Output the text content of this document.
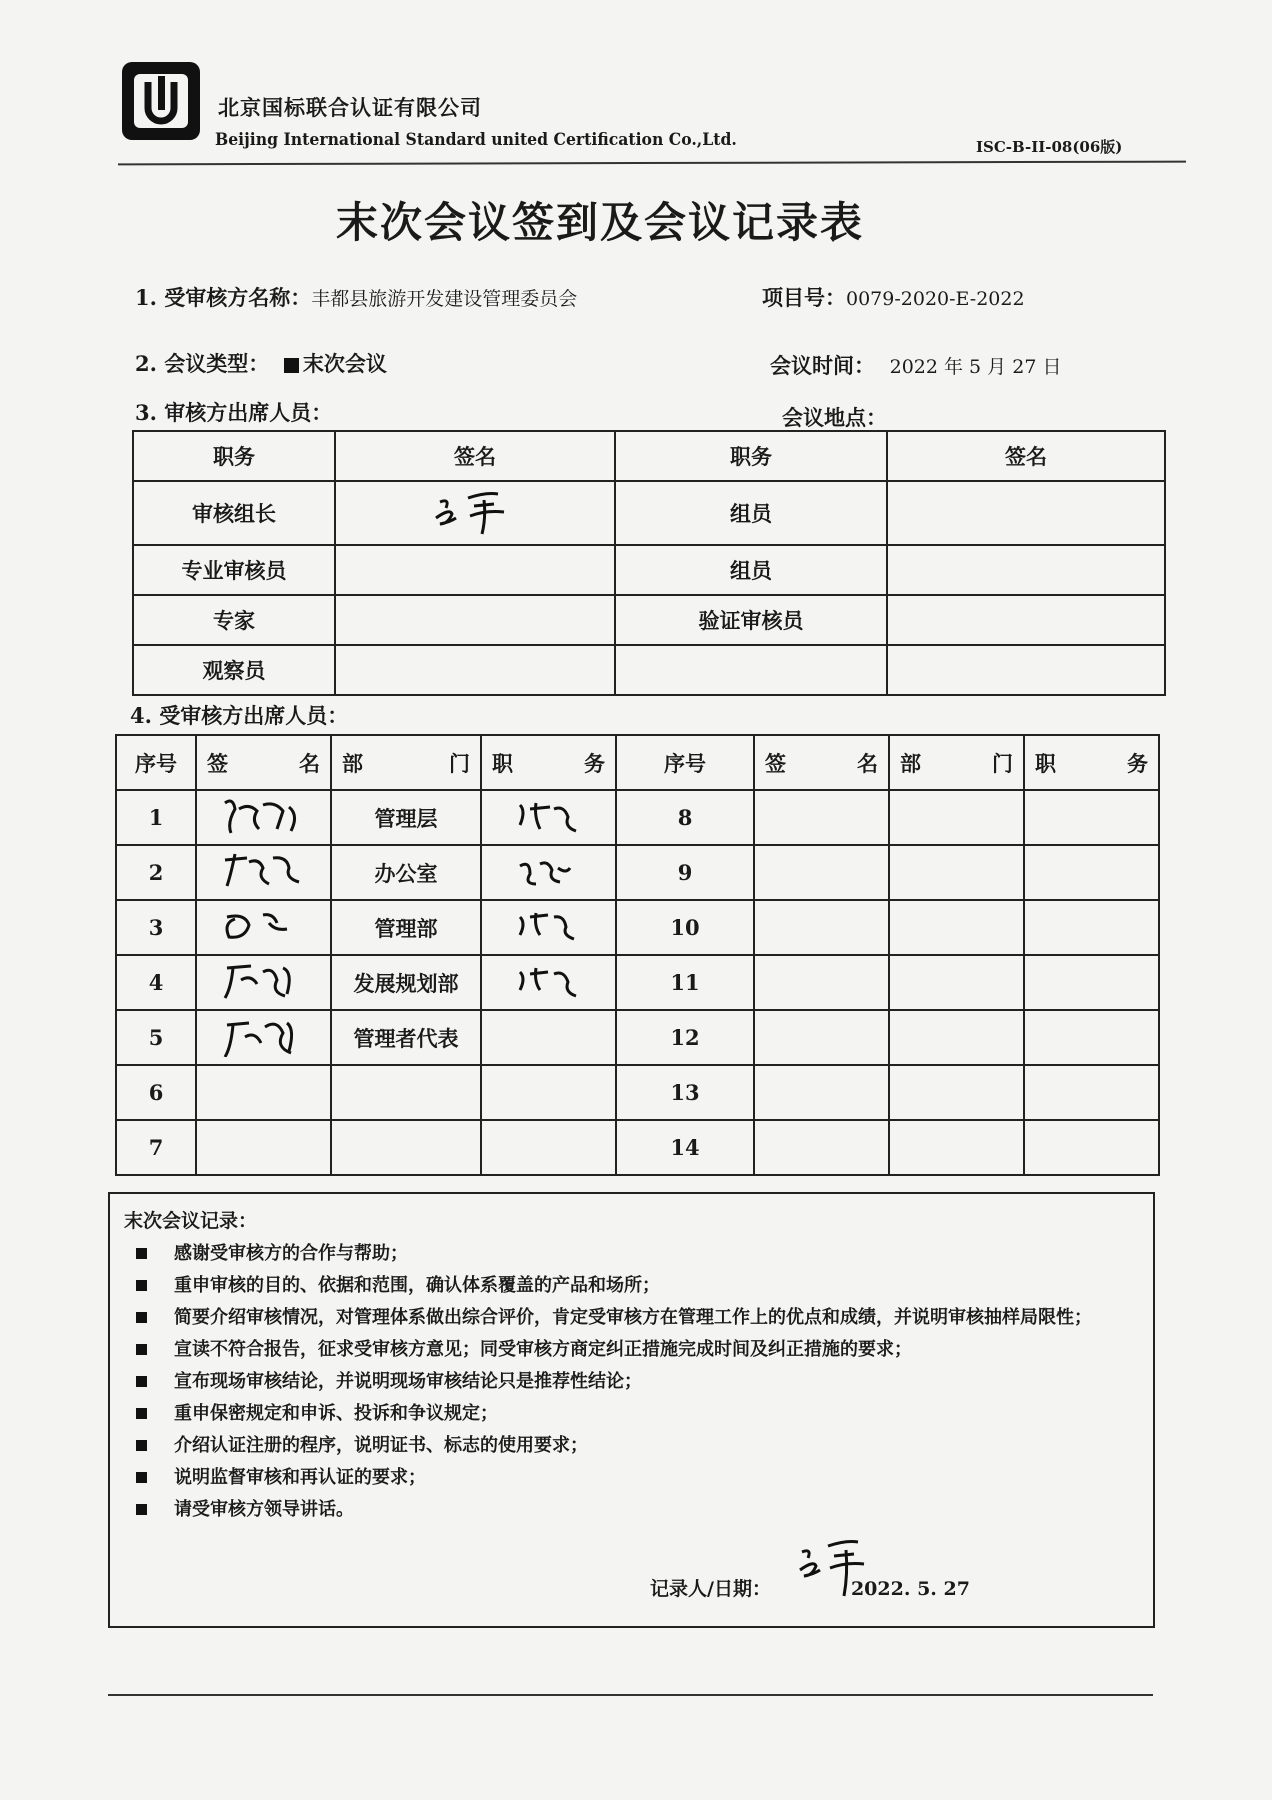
北京国标联合认证有限公司
Beijing International Standard united Certification Co.,Ltd.	ISC-B-II-08(06版)
末次会议签到及会议记录表
1. 受审核方名称：丰都县旅游开发建设管理委员会	项目号：0079-2020-E-2022
2. 会议类型： 末次会议	会议时间： 2022 年 5 月 27 日
3. 审核方出席人员：	会议地点：
职务	签名	职务	签名
审核组长		组员	
专业审核员		组员	
专家		验证审核员	
观察员			
4. 受审核方出席人员：
序号	签 名	部 门	职 务	序号	签 名	部 门	职 务

1		管理层		8			
2		办公室		9			
3		管理部		10			
4		发展规划部		11			
5		管理者代表		12			
6				13			
7				14			
末次会议记录：
感谢受审核方的合作与帮助；
重申审核的目的、依据和范围，确认体系覆盖的产品和场所；
简要介绍审核情况，对管理体系做出综合评价，肯定受审核方在管理工作上的优点和成绩，并说明审核抽样局限性；
宣读不符合报告，征求受审核方意见；同受审核方商定纠正措施完成时间及纠正措施的要求；
宣布现场审核结论，并说明现场审核结论只是推荐性结论；
重申保密规定和申诉、投诉和争议规定；
介绍认证注册的程序，说明证书、标志的使用要求；
说明监督审核和再认证的要求；
请受审核方领导讲话。
记录人/日期：	2022. 5. 27
